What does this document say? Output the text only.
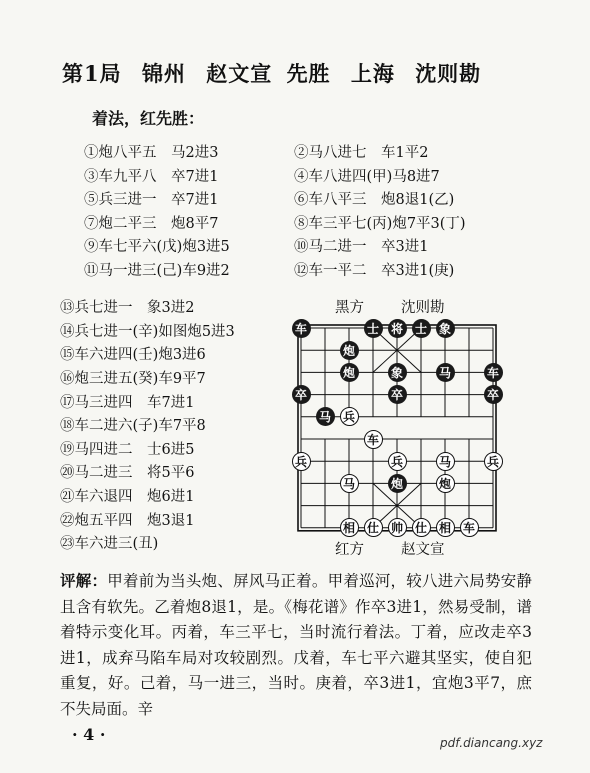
第1局 锦州 赵文宣 先胜 上海 沈则勘
着法，红先胜：
①炮八平五　马2进3	②马八进七　车1平2
③车九平八　卒7进1	④车八进四(甲)马8进7
⑤兵三进一　卒7进1	⑥车八平三　炮8退1(乙)
⑦炮二平三　炮8平7	⑧车三平七(丙)炮7平3(丁)
⑨车七平六(戊)炮3进5	⑩马二进一　卒3进1
⑪马一进三(己)车9进2	⑫车一平二　卒3进1(庚)
⑬兵七进一　象3进2
⑭兵七进一(辛)如图炮5进3
⑮车六进四(壬)炮3进6
⑯炮三进五(癸)车9平7
⑰马三进四　车7进1
⑱车二进六(子)车7平8
⑲马四进二　士6进5
⑳马二进三　将5平6
㉑车六退四　炮6进1
㉒炮五平四　炮3退1
㉓车六进三(丑)
黑方	沈则勘
红方	赵文宣
车	士 将 士 象
炮
炮	象	马	车
卒	卒	卒
马 兵
车
兵	兵	马	兵
马	炮	炮
相 仕 帅 仕 相 车
评解：甲着前为当头炮、屏风马正着。甲着巡河，较八进六局势安静且含有软先。乙着炮8退1，是。《梅花谱》作卒3进1，然易受制，谱着特示变化耳。丙着，车三平七，当时流行着法。丁着，应改走卒3进1，成弃马陷车局对攻较剧烈。戊着，车七平六避其坚实，使自犯重复，好。己着，马一进三，当时。庚着，卒3进1，宜炮3平7，庶不失局面。辛
· 4 ·	pdf.diancang.xyz
